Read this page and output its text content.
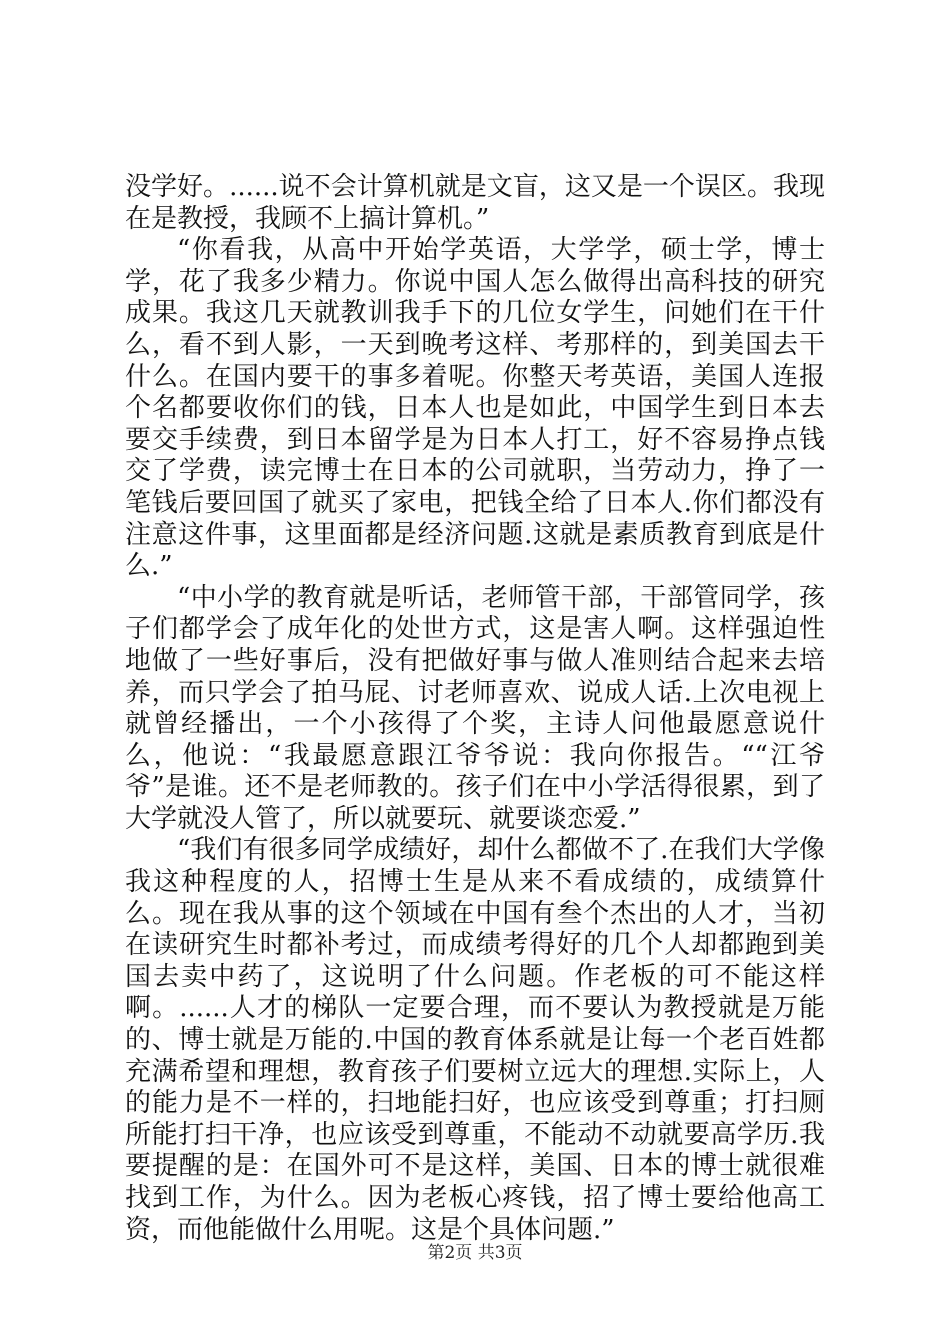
没学好。......说不会计算机就是文盲，这又是一个误区。我现在是教授，我顾不上搞计算机。”

“你看我，从高中开始学英语，大学学，硕士学，博士学，花了我多少精力。你说中国人怎么做得出高科技的研究成果。我这几天就教训我手下的几位女学生，问她们在干什么，看不到人影，一天到晚考这样、考那样的，到美国去干什么。在国内要干的事多着呢。你整天考英语，美国人连报个名都要收你们的钱，日本人也是如此，中国学生到日本去要交手续费，到日本留学是为日本人打工，好不容易挣点钱交了学费，读完博士在日本的公司就职，当劳动力，挣了一笔钱后要回国了就买了家电，把钱全给了日本人.你们都没有注意这件事，这里面都是经济问题.这就是素质教育到底是什么.”

“中小学的教育就是听话，老师管干部，干部管同学，孩子们都学会了成年化的处世方式，这是害人啊。这样强迫性地做了一些好事后，没有把做好事与做人准则结合起来去培养，而只学会了拍马屁、讨老师喜欢、说成人话.上次电视上就曾经播出，一个小孩得了个奖，主诗人问他最愿意说什么，他说：“我最愿意跟江爷爷说：我向你报告。““江爷爷”是谁。还不是老师教的。孩子们在中小学活得很累，到了大学就没人管了，所以就要玩、就要谈恋爱.”

“我们有很多同学成绩好，却什么都做不了.在我们大学像我这种程度的人，招博士生是从来不看成绩的，成绩算什么。现在我从事的这个领域在中国有叁个杰出的人才，当初在读研究生时都补考过，而成绩考得好的几个人却都跑到美国去卖中药了，这说明了什么问题。作老板的可不能这样啊。......人才的梯队一定要合理，而不要认为教授就是万能的、博士就是万能的.中国的教育体系就是让每一个老百姓都充满希望和理想，教育孩子们要树立远大的理想.实际上，人的能力是不一样的，扫地能扫好，也应该受到尊重；打扫厕所能打扫干净，也应该受到尊重，不能动不动就要高学历.我要提醒的是：在国外可不是这样，美国、日本的博士就很难找到工作，为什么。因为老板心疼钱，招了博士要给他高工资，而他能做什么用呢。这是个具体问题.”

第2页 共3页
